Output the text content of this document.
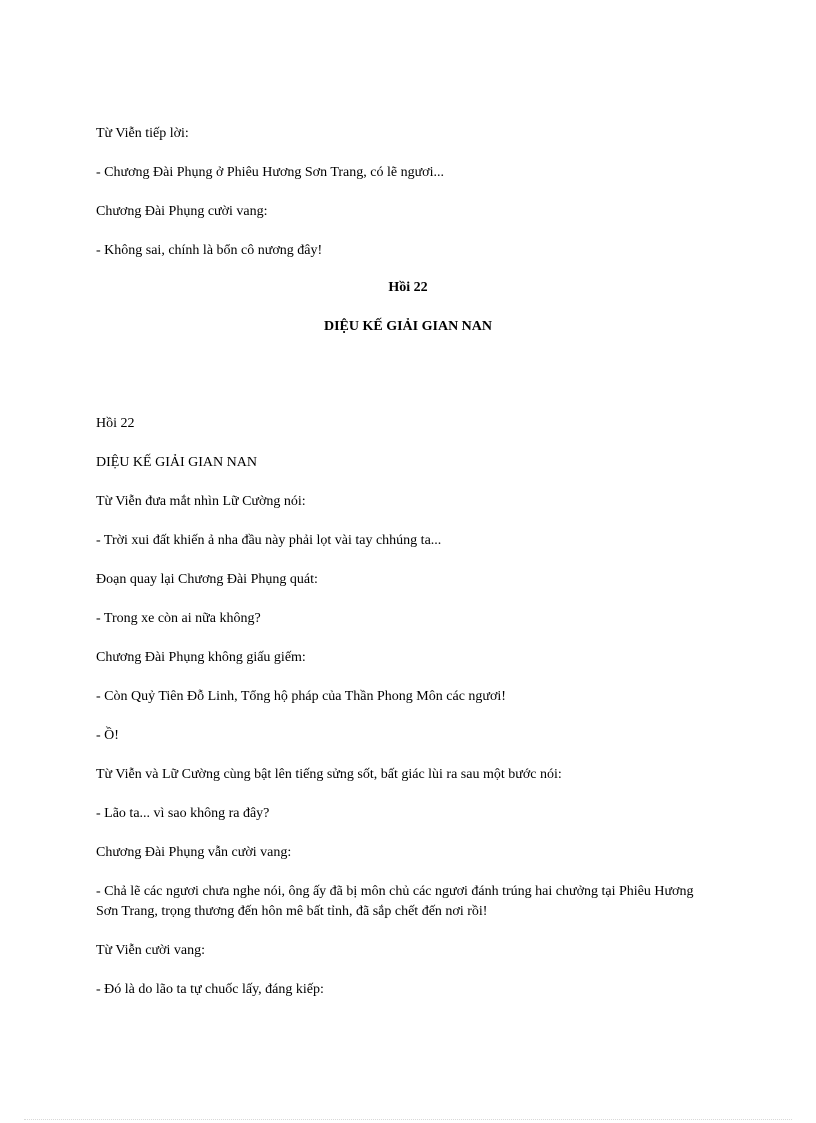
Từ Viễn tiếp lời:
- Chương Đài Phụng ở Phiêu Hương Sơn Trang, có lẽ ngươi...
Chương Đài Phụng cười vang:
- Không sai, chính là bổn cô nương đây!
Hồi 22
DIỆU KẾ GIẢI GIAN NAN
Hồi 22
DIỆU KẾ GIẢI GIAN NAN
Từ Viễn đưa mắt nhìn Lữ Cường nói:
- Trời xui đất khiến ả nha đầu này phải lọt vài tay chhúng ta...
Đoạn quay lại Chương Đài Phụng quát:
- Trong xe còn ai nữa không?
Chương Đài Phụng không giấu giếm:
- Còn Quỷ Tiên Đỗ Linh, Tổng hộ pháp của Thần Phong Môn các ngươi!
- Ồ!
Từ Viễn và Lữ Cường cùng bật lên tiếng sửng sốt, bất giác lùi ra sau một bước nói:
- Lão ta... vì sao không ra đây?
Chương Đài Phụng vẫn cười vang:
- Chả lẽ các ngươi chưa nghe nói, ông ấy đã bị môn chủ các ngươi đánh trúng hai chưởng tại Phiêu Hương Sơn Trang, trọng thương đến hôn mê bất tỉnh, đã sắp chết đến nơi rồi!
Từ Viễn cười vang:
- Đó là do lão ta tự chuốc lấy, đáng kiếp:
